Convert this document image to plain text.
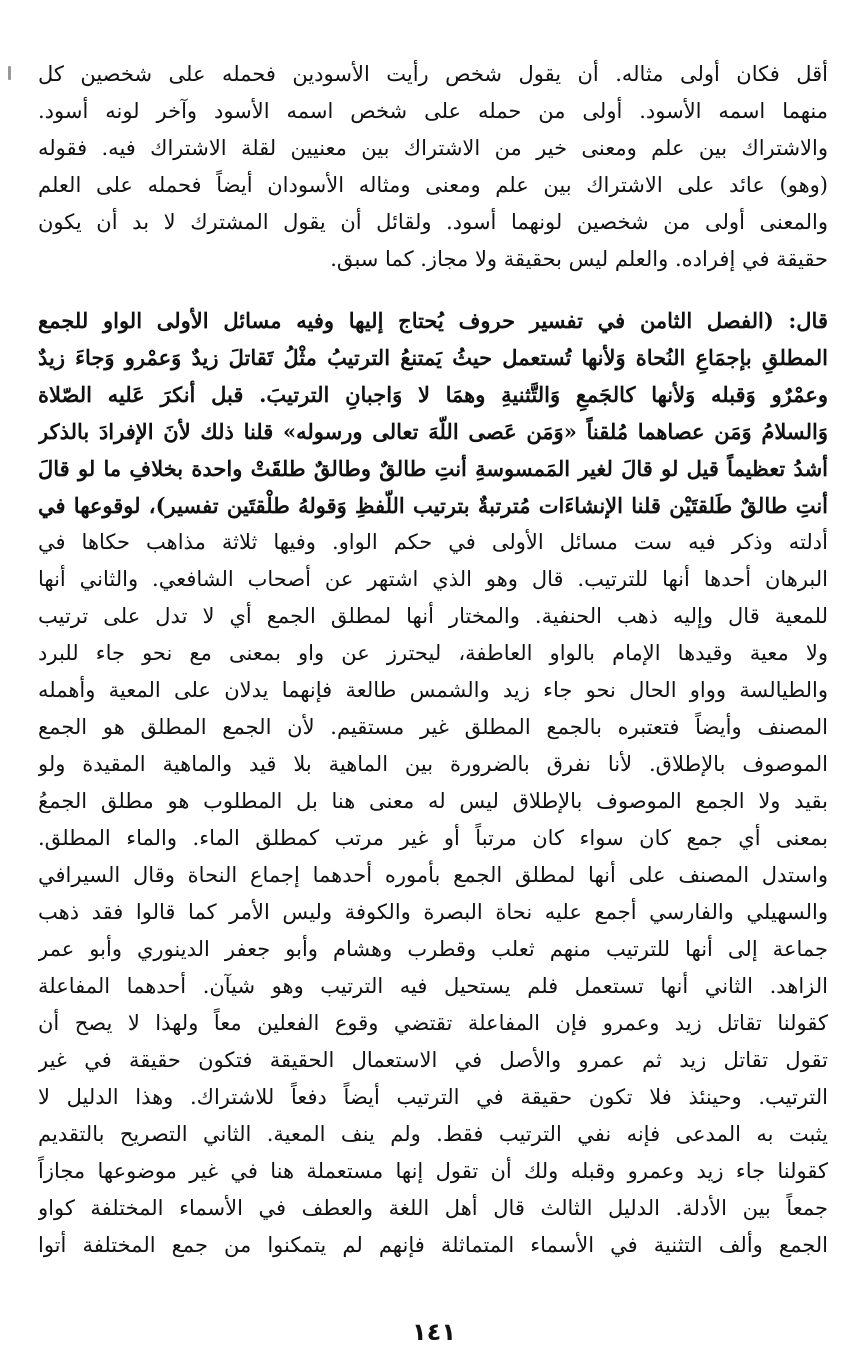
أقل فكان أولى مثاله. أن يقول شخص رأيت الأسودين فحمله على شخصين كل
منهما اسمه الأسود. أولى من حمله على شخص اسمه الأسود وآخر لونه أسود.
والاشتراك بين علم ومعنى خير من الاشتراك بين معنيين لقلة الاشتراك فيه. فقوله
(وهو) عائد على الاشتراك بين علم ومعنى ومثاله الأسودان أيضاً فحمله على العلم
والمعنى أولى من شخصين لونهما أسود. ولقائل أن يقول المشترك لا بد أن يكون
حقيقة في إفراده. والعلم ليس بحقيقة ولا مجاز. كما سبق.
قال: (الفصل الثامن في تفسير حروف يُحتاج إليها وفيه مسائل الأولى الواو للجمع
المطلقِ بإجمَاعِ النُحاة وَلأنها تُستعمل حيثُ يَمتنعُ الترتيبُ مثْلُ تَقاتلَ زيدٌ وَعمْرو وَجاءَ زيدٌ
وعمْرٌو وَقبله وَلأنها كالجَمعِ وَالتَّثنيةِ وهمَا لا وَاجبانِ الترتيبَ. قبل أنكرَ عَليه الصّلاة
وَالسلامُ وَمَن عصاهما مُلقناً «وَمَن عَصى اللّهَ تعالى ورسوله» قلنا ذلك لأنَ الإفرادَ بالذكر
أشدُ تعظيماً قيل لو قالَ لغير المَمسوسةِ أنتِ طالقٌ وطالقٌ طلقَتْ واحدة بخلافِ ما لو قالَ
أنتِ طالقٌ طَلقتَيْن قلنا الإنشاءَات مُترتبةٌ بترتيب اللّفظِ وَقولهُ طلْقتَين تفسير)، لوقوعها في
أدلته وذكر فيه ست مسائل الأولى في حكم الواو. وفيها ثلاثة مذاهب حكاها في
البرهان أحدها أنها للترتيب. قال وهو الذي اشتهر عن أصحاب الشافعي. والثاني أنها
للمعية قال وإليه ذهب الحنفية. والمختار أنها لمطلق الجمع أي لا تدل على ترتيب
ولا معية وقيدها الإمام بالواو العاطفة، ليحترز عن واو بمعنى مع نحو جاء للبرد
والطيالسة وواو الحال نحو جاء زيد والشمس طالعة فإنهما يدلان على المعية وأهمله
المصنف وأيضاً فتعتبره بالجمع المطلق غير مستقيم. لأن الجمع المطلق هو الجمع
الموصوف بالإطلاق. لأنا نفرق بالضرورة بين الماهية بلا قيد والماهية المقيدة ولو
بقيد ولا الجمع الموصوف بالإطلاق ليس له معنى هنا بل المطلوب هو مطلق الجمعُ
بمعنى أي جمع كان سواء كان مرتباً أو غير مرتب كمطلق الماء. والماء المطلق.
واستدل المصنف على أنها لمطلق الجمع بأموره أحدهما إجماع النحاة وقال السيرافي
والسهيلي والفارسي أجمع عليه نحاة البصرة والكوفة وليس الأمر كما قالوا فقد ذهب
جماعة إلى أنها للترتيب منهم ثعلب وقطرب وهشام وأبو جعفر الدينوري وأبو عمر
الزاهد. الثاني أنها تستعمل فلم يستحيل فيه الترتيب وهو شيآن. أحدهما المفاعلة
كقولنا تقاتل زيد وعمرو فإن المفاعلة تقتضي وقوع الفعلين معاً ولهذا لا يصح أن
تقول تقاتل زيد ثم عمرو والأصل في الاستعمال الحقيقة فتكون حقيقة في غير
الترتيب. وحينئذ فلا تكون حقيقة في الترتيب أيضاً دفعاً للاشتراك. وهذا الدليل لا
يثبت به المدعى فإنه نفي الترتيب فقط. ولم ينف المعية. الثاني التصريح بالتقديم
كقولنا جاء زيد وعمرو وقبله ولك أن تقول إنها مستعملة هنا في غير موضوعها مجازاً
جمعاً بين الأدلة. الدليل الثالث قال أهل اللغة والعطف في الأسماء المختلفة كواو
الجمع وألف التثنية في الأسماء المتماثلة فإنهم لم يتمكنوا من جمع المختلفة أتوا
١٤١
